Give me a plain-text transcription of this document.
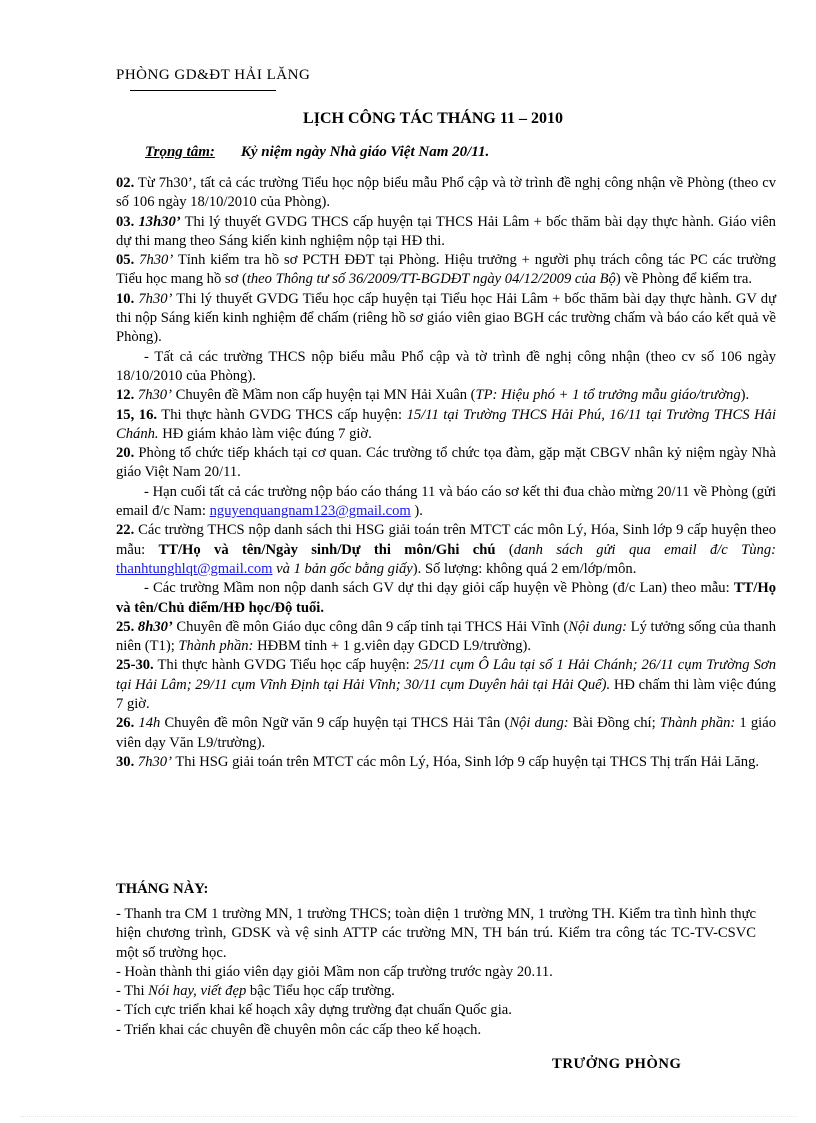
PHÒNG GD&ĐT HẢI LĂNG
LỊCH CÔNG TÁC THÁNG 11 – 2010
Trọng tâm: Kỷ niệm ngày Nhà giáo Việt Nam 20/11.
02. Từ 7h30’, tất cả các trường Tiểu học nộp biểu mẫu Phổ cập và tờ trình đề nghị công nhận về Phòng (theo cv số 106 ngày 18/10/2010 của Phòng).
03. 13h30’ Thi lý thuyết GVDG THCS cấp huyện tại THCS Hải Lâm + bốc thăm bài dạy thực hành. Giáo viên dự thi mang theo Sáng kiến kinh nghiệm nộp tại HĐ thi.
05. 7h30’ Tỉnh kiểm tra hồ sơ PCTH ĐĐT tại Phòng. Hiệu trưởng + người phụ trách công tác PC các trường Tiểu học mang hồ sơ (theo Thông tư số 36/2009/TT-BGDĐT ngày 04/12/2009 của Bộ) về Phòng để kiểm tra.
10. 7h30’ Thi lý thuyết GVDG Tiểu học cấp huyện tại Tiểu học Hải Lâm + bốc thăm bài dạy thực hành. GV dự thi nộp Sáng kiến kinh nghiệm để chấm (riêng hồ sơ giáo viên giao BGH các trường chấm và báo cáo kết quả về Phòng).
- Tất cả các trường THCS nộp biểu mẫu Phổ cập và tờ trình đề nghị công nhận (theo cv số 106 ngày 18/10/2010 của Phòng).
12. 7h30’ Chuyên đề Mầm non cấp huyện tại MN Hải Xuân (TP: Hiệu phó + 1 tổ trưởng mẫu giáo/trường).
15, 16. Thi thực hành GVDG THCS cấp huyện: 15/11 tại Trường THCS Hải Phú, 16/11 tại Trường THCS Hải Chánh. HĐ giám khảo làm việc đúng 7 giờ.
20. Phòng tổ chức tiếp khách tại cơ quan. Các trường tổ chức tọa đàm, gặp mặt CBGV nhân kỷ niệm ngày Nhà giáo Việt Nam 20/11.
- Hạn cuối tất cả các trường nộp báo cáo tháng 11 và báo cáo sơ kết thi đua chào mừng 20/11 về Phòng (gửi email đ/c Nam: nguyenquangnam123@gmail.com ).
22. Các trường THCS nộp danh sách thi HSG giải toán trên MTCT các môn Lý, Hóa, Sinh lớp 9 cấp huyện theo mẫu: TT/Họ và tên/Ngày sinh/Dự thi môn/Ghi chú (danh sách gửi qua email đ/c Tùng: thanhtunghlqt@gmail.com và 1 bản gốc bằng giấy). Số lượng: không quá 2 em/lớp/môn.
- Các trường Mầm non nộp danh sách GV dự thi dạy giỏi cấp huyện về Phòng (đ/c Lan) theo mẫu: TT/Họ và tên/Chủ điểm/HĐ học/Độ tuổi.
25. 8h30’ Chuyên đề môn Giáo dục công dân 9 cấp tỉnh tại THCS Hải Vĩnh (Nội dung: Lý tưởng sống của thanh niên (T1); Thành phần: HĐBM tỉnh + 1 g.viên dạy GDCD L9/trường).
25-30. Thi thực hành GVDG Tiểu học cấp huyện: 25/11 cụm Ô Lâu tại số 1 Hải Chánh; 26/11 cụm Trường Sơn tại Hải Lâm; 29/11 cụm Vĩnh Định tại Hải Vĩnh; 30/11 cụm Duyên hải tại Hải Quế). HĐ chấm thi làm việc đúng 7 giờ.
26. 14h Chuyên đề môn Ngữ văn 9 cấp huyện tại THCS Hải Tân (Nội dung: Bài Đồng chí; Thành phần: 1 giáo viên dạy Văn L9/trường).
30. 7h30’ Thi HSG giải toán trên MTCT các môn Lý, Hóa, Sinh lớp 9 cấp huyện tại THCS Thị trấn Hải Lăng.
THÁNG NÀY:
- Thanh tra CM 1 trường MN, 1 trường THCS; toàn diện 1 trường MN, 1 trường TH. Kiểm tra tình hình thực hiện chương trình, GDSK và vệ sinh ATTP các trường MN, TH bán trú. Kiểm tra công tác TC-TV-CSVC một số trường học.
- Hoàn thành thi giáo viên dạy giỏi Mầm non cấp trường trước ngày 20.11.
- Thi Nói hay, viết đẹp bậc Tiểu học cấp trường.
- Tích cực triển khai kế hoạch xây dựng trường đạt chuẩn Quốc gia.
- Triển khai các chuyên đề chuyên môn các cấp theo kế hoạch.
TRƯỞNG PHÒNG
